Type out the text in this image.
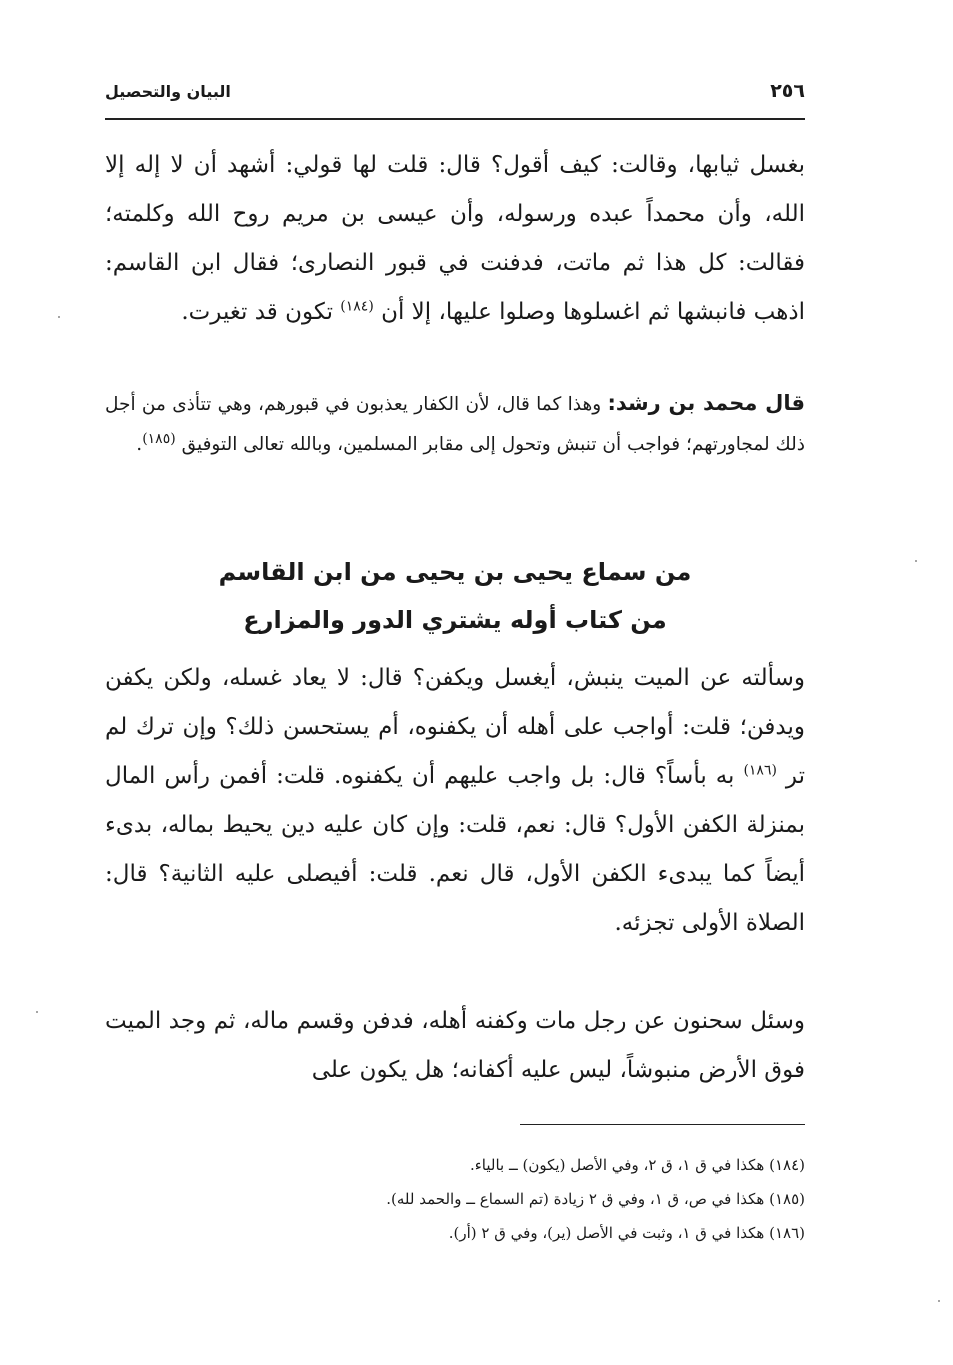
٢٥٦
البيان والتحصيل

بغسل ثيابها، وقالت: كيف أقول؟ قال: قلت لها قولي: أشهد أن لا إله إلا الله، وأن محمداً عبده ورسوله، وأن عيسى بن مريم روح الله وكلمته؛ فقالت: كل هذا ثم ماتت، فدفنت في قبور النصارى؛ فقال ابن القاسم: اذهب فانبشها ثم اغسلوها وصلوا عليها، إلا أن $^{(١٨٤)}$ تكون قد تغيرت.

قال محمد بن رشد: وهذا كما قال، لأن الكفار يعذبون في قبورهم، وهي تتأذى من أجل ذلك لمجاورتهم؛ فواجب أن تنبش وتحول إلى مقابر المسلمين، وبالله تعالى التوفيق $^{(١٨٥)}$.

من سماع يحيى بن يحيى من ابن القاسم
من كتاب أوله يشتري الدور والمزارع

وسألته عن الميت ينبش، أيغسل ويكفن؟ قال: لا يعاد غسله، ولكن يكفن ويدفن؛ قلت: أواجب على أهله أن يكفنوه، أم يستحسن ذلك؟ وإن ترك لم تر $^{(١٨٦)}$ به بأساً؟ قال: بل واجب عليهم أن يكفنوه. قلت: أفمن رأس المال بمنزلة الكفن الأول؟ قال: نعم، قلت: وإن كان عليه دين يحيط بماله، بدىء أيضاً كما يبدىء الكفن الأول، قال نعم. قلت: أفيصلى عليه الثانية؟ قال: الصلاة الأولى تجزئه.

وسئل سحنون عن رجل مات وكفنه أهله، فدفن وقسم ماله، ثم وجد الميت فوق الأرض منبوشاً، ليس عليه أكفانه؛ هل يكون على

(١٨٤) هكذا في ق ١، ق ٢، وفي الأصل (يكون) ــ بالياء.

(١٨٥) هكذا في ص، ق ١، وفي ق ٢ زيادة (تم السماع ــ والحمد لله).

(١٨٦) هكذا في ق ١، وثبت في الأصل (ير)، وفي ق ٢ (أر).
